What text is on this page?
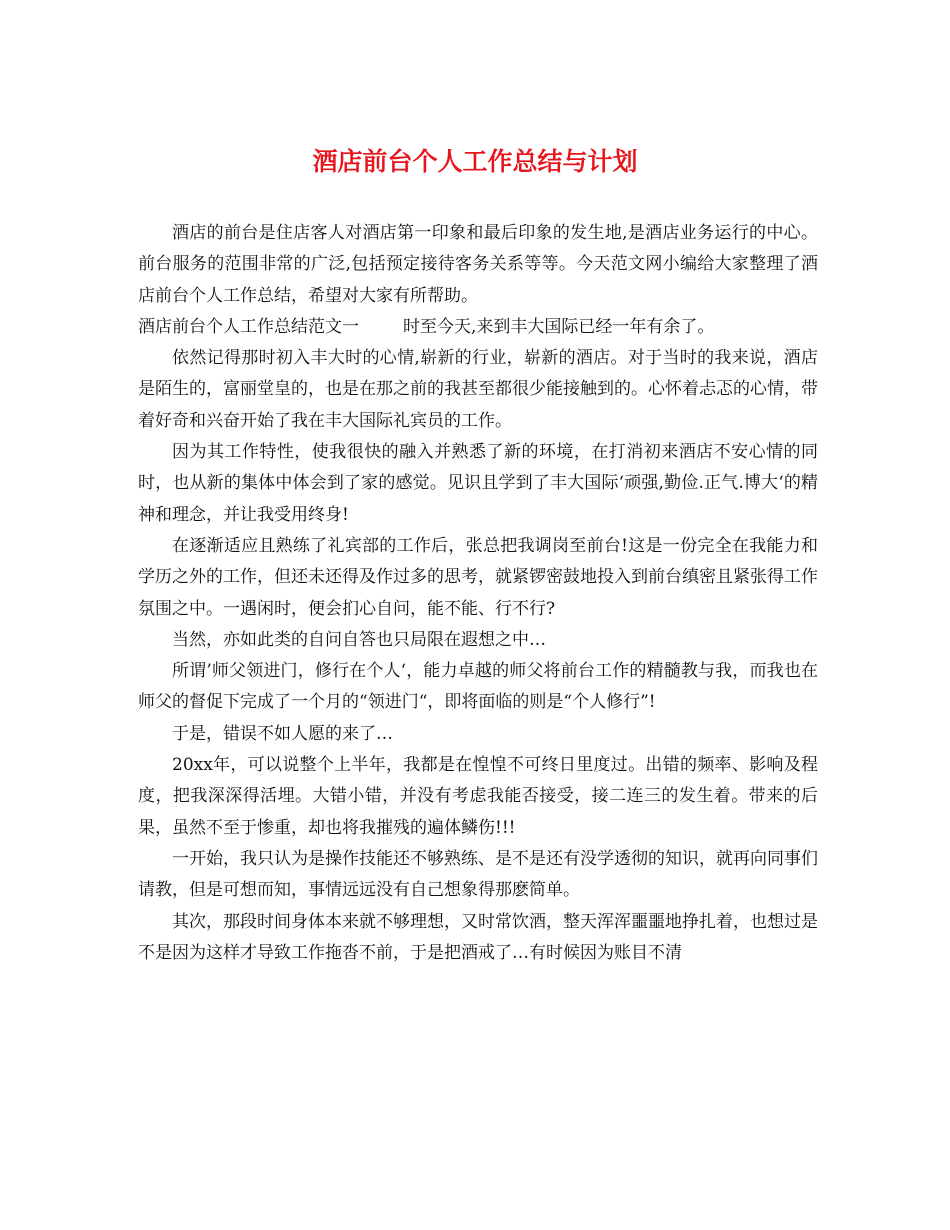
酒店前台个人工作总结与计划

酒店的前台是住店客人对酒店第一印象和最后印象的发生地,是酒店业务运行的中心。前台服务的范围非常的广泛,包括预定接待客务关系等等。今天范文网小编给大家整理了酒店前台个人工作总结，希望对大家有所帮助。

酒店前台个人工作总结范文一	时至今天,来到丰大国际已经一年有余了。

依然记得那时初入丰大时的心情,崭新的行业，崭新的酒店。对于当时的我来说，酒店是陌生的，富丽堂皇的，也是在那之前的我甚至都很少能接触到的。心怀着忐忑的心情，带着好奇和兴奋开始了我在丰大国际礼宾员的工作。

因为其工作特性，使我很快的融入并熟悉了新的环境，在打消初来酒店不安心情的同时，也从新的集体中体会到了家的感觉。见识且学到了丰大国际‘顽强,勤俭.正气.博大‘的精神和理念，并让我受用终身!

在逐渐适应且熟练了礼宾部的工作后，张总把我调岗至前台!这是一份完全在我能力和学历之外的工作，但还未还得及作过多的思考，就紧锣密鼓地投入到前台缜密且紧张得工作氛围之中。一遇闲时，便会扪心自问，能不能、行不行?

当然，亦如此类的自问自答也只局限在遐想之中…

所谓’师父领进门，修行在个人‘，能力卓越的师父将前台工作的精髓教与我，而我也在师父的督促下完成了一个月的“领进门“，即将面临的则是“个人修行”!

于是，错误不如人愿的来了…

20xx年，可以说整个上半年，我都是在惶惶不可终日里度过。出错的频率、影响及程度，把我深深得活埋。大错小错，并没有考虑我能否接受，接二连三的发生着。带来的后果，虽然不至于惨重，却也将我摧残的遍体鳞伤!!!

一开始，我只认为是操作技能还不够熟练、是不是还有没学透彻的知识，就再向同事们请教，但是可想而知，事情远远没有自己想象得那麽简单。

其次，那段时间身体本来就不够理想，又时常饮酒，整天浑浑噩噩地挣扎着，也想过是不是因为这样才导致工作拖沓不前，于是把酒戒了…有时候因为账目不清
